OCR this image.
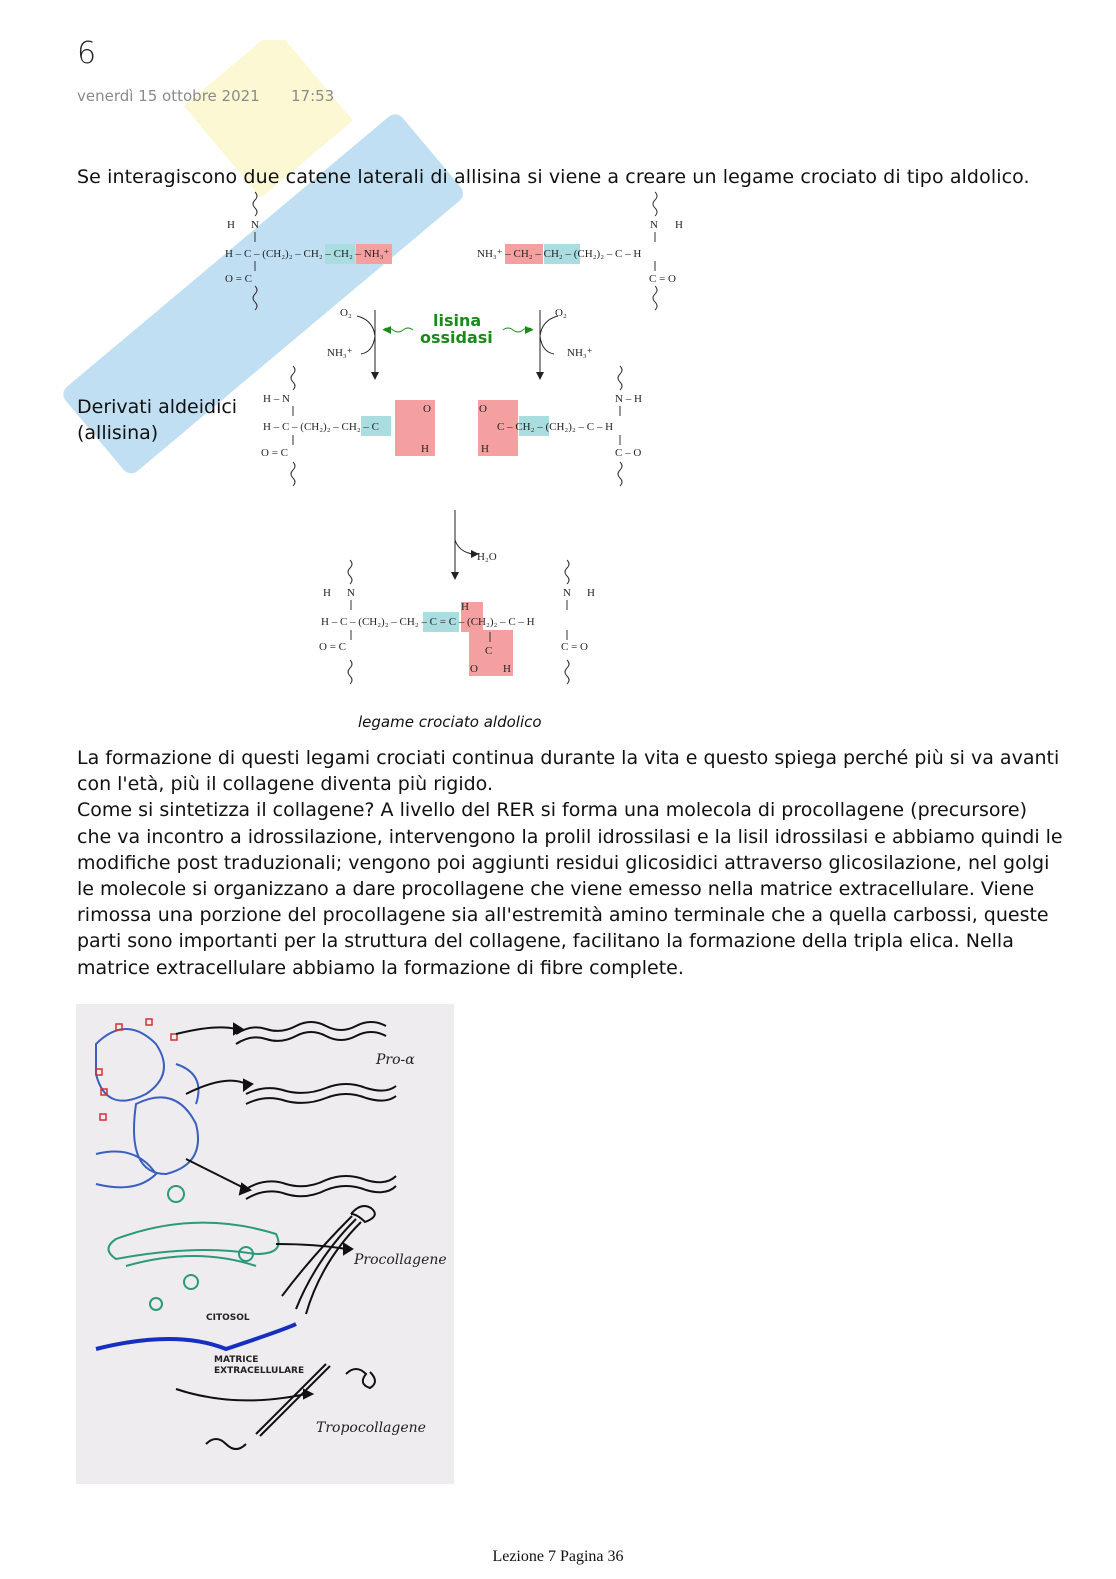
6
venerdì 15 ottobre 2021 17:53
Se interagiscono due catene laterali di allisina si viene a creare un legame crociato di tipo aldolico.
Derivati aldeidici
(allisina)
H N
H – C – (CH₂)₂ – CH₂ – CH₂ – NH₃⁺
O = C
N H
NH₃⁺ – CH₂ – CH₂ – (CH₂)₂ – C – H
C = O
O₂
NH₃⁺
O₂
NH₃⁺
lisina
ossidasi
H – N
H – C – (CH₂)₂ – CH₂ – C
O
H
O = C
N – H
O
C – CH₂ – (CH₂)₂ – C – H
H	C – O
H₂O
H N
H
H – C – (CH₂)₂ – CH₂ – C = C – (CH₂)₂ – C – H
O = C	C
O H
N H
C = O
legame crociato aldolico

La formazione di questi legami crociati continua durante la vita e questo spiega perché più si va avanti con l'età, più il collagene diventa più rigido.

Come si sintetizza il collagene? A livello del RER si forma una molecola di procollagene (precursore) che va incontro a idrossilazione, intervengono la prolil idrossilasi e la lisil idrossilasi e abbiamo quindi le modifiche post traduzionali; vengono poi aggiunti residui glicosidici attraverso glicosilazione, nel golgi le molecole si organizzano a dare procollagene che viene emesso nella matrice extracellulare. Viene rimossa una porzione del procollagene sia all'estremità amino terminale che a quella carbossi, queste parti sono importanti per la struttura del collagene, facilitano la formazione della tripla elica. Nella matrice extracellulare abbiamo la formazione di fibre complete.

Pro-α
Procollagene
CITOSOL
MATRICE
EXTRACELLULARE
Tropocollagene
Lezione 7 Pagina 36
